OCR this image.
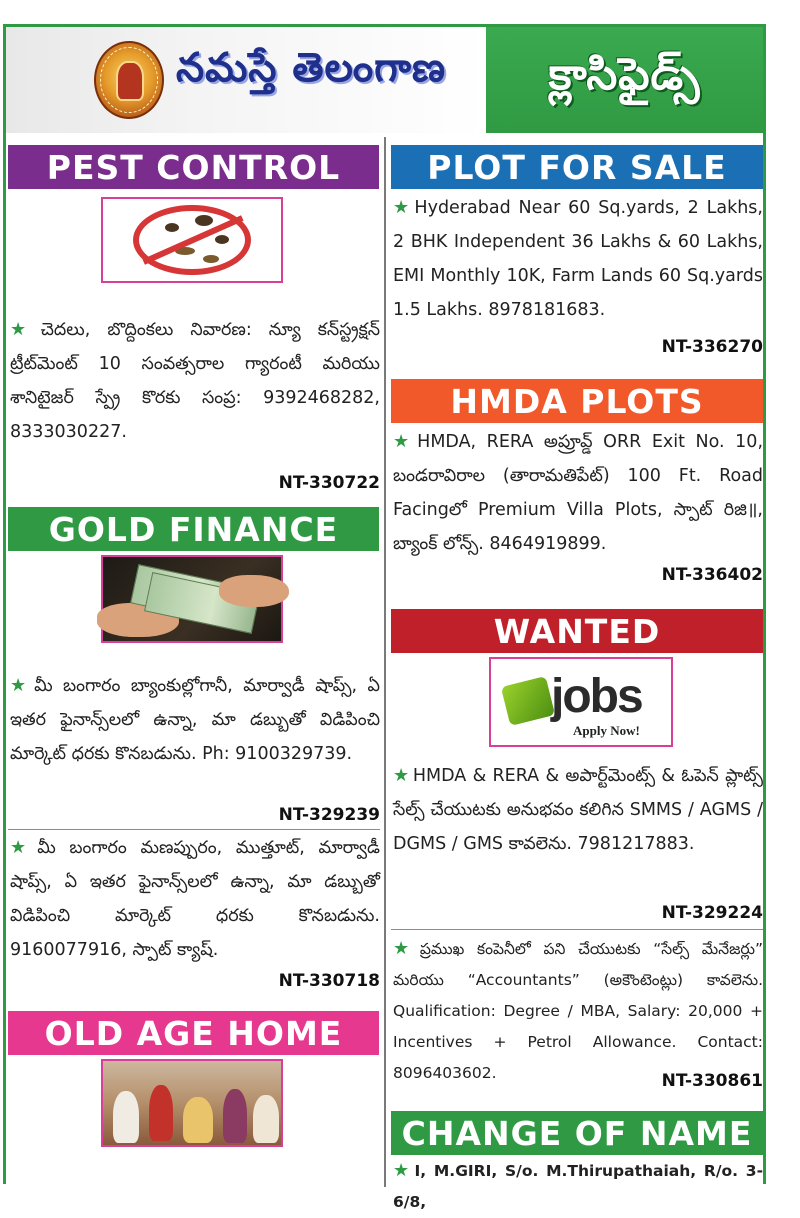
నమస్తే తెలంగాణ క్లాసిఫైడ్స్
PEST CONTROL
★ చెదలు, బొద్దింకలు నివారణ: న్యూ కన్‌స్ట్రక్షన్ ట్రీట్‌మెంట్ 10 సంవత్సరాల గ్యారంటీ మరియు శానిటైజర్ స్ప్రే కొరకు సంప్ర: 9392468282, 8333030227.
NT-330722
GOLD FINANCE
★ మీ బంగారం బ్యాంకుల్లోగానీ, మార్వాడీ షాప్స్, ఏ ఇతర ఫైనాన్స్‌లలో ఉన్నా, మా డబ్బుతో విడిపించి మార్కెట్ ధరకు కొనబడును. Ph: 9100329739.
NT-329239
★ మీ బంగారం మణప్పురం, ముత్తూట్, మార్వాడీ షాప్స్, ఏ ఇతర ఫైనాన్స్‌లలో ఉన్నా, మా డబ్బుతో విడిపించి మార్కెట్ ధరకు కొనబడును. 9160077916, స్పాట్ క్యాష్.
NT-330718
OLD AGE HOME
PLOT FOR SALE
★ Hyderabad Near 60 Sq.yards, 2 Lakhs, 2 BHK Independent 36 Lakhs & 60 Lakhs, EMI Monthly 10K, Farm Lands 60 Sq.yards 1.5 Lakhs. 8978181683.
NT-336270
HMDA PLOTS
★ HMDA, RERA అప్రూవ్డ్ ORR Exit No. 10, బండరావిరాల (తారామతిపేట్) 100 Ft. Road Facingలో Premium Villa Plots, స్పాట్ రిజి॥, బ్యాంక్ లోన్స్. 8464919899.
NT-336402
WANTED
jobs
Apply Now!
★ HMDA & RERA & అపార్ట్‌మెంట్స్ & ఓపెన్ ప్లాట్స్ సేల్స్ చేయుటకు అనుభవం కలిగిన SMMS / AGMS / DGMS / GMS కావలెను. 7981217883.
NT-329224
★ ప్రముఖ కంపెనీలో పని చేయుటకు “సేల్స్ మేనేజర్లు” మరియు “Accountants” (అకౌంటెంట్లు) కావలెను. Qualification: Degree / MBA, Salary: 20,000 + Incentives + Petrol Allowance. Contact: 8096403602.	NT-330861
CHANGE OF NAME
★ I, M.GIRI, S/o. M.Thirupathaiah, R/o. 3-6/8,
